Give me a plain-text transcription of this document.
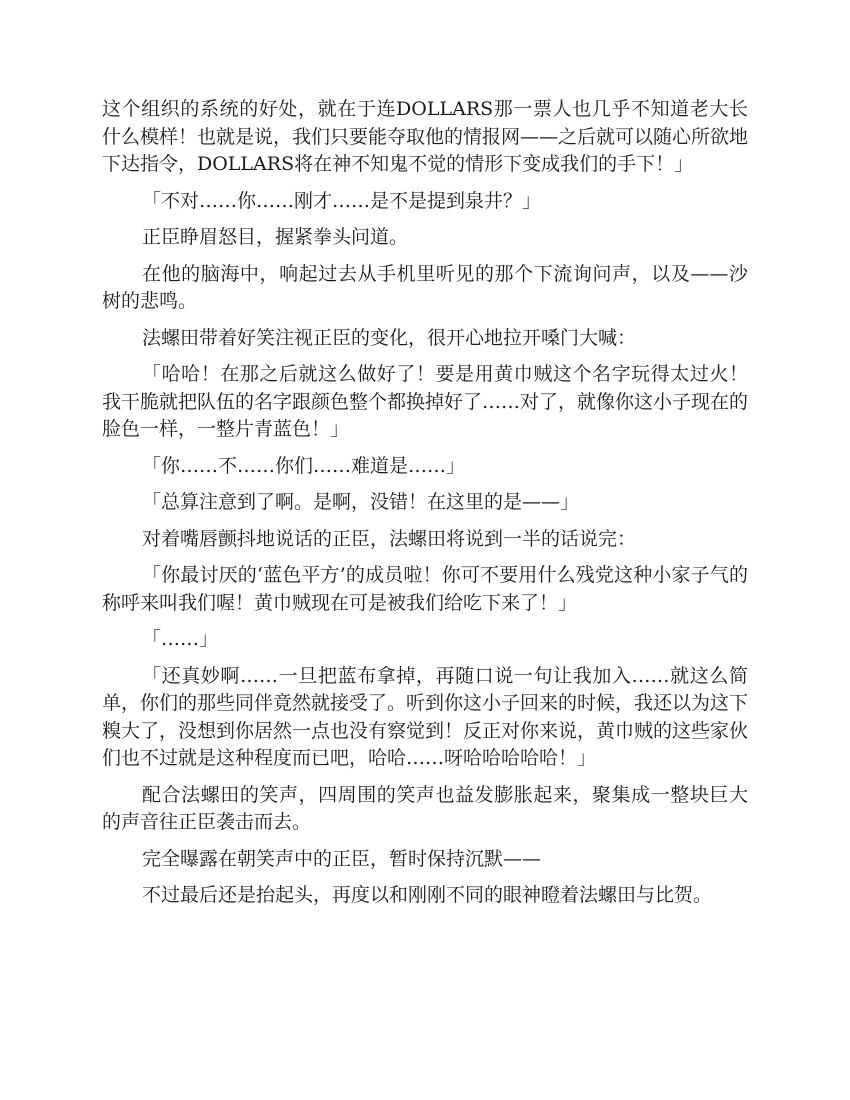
这个组织的系统的好处，就在于连DOLLARS那一票人也几乎不知道老大长什么模样！也就是说，我们只要能夺取他的情报网——之后就可以随心所欲地下达指令，DOLLARS将在神不知鬼不觉的情形下变成我们的手下！」

「不对……你……刚才……是不是提到泉井？」

正臣睁眉怒目，握紧拳头问道。

在他的脑海中，响起过去从手机里听见的那个下流询问声，以及——沙树的悲鸣。

法螺田带着好笑注视正臣的变化，很开心地拉开嗓门大喊：

「哈哈！在那之后就这么做好了！要是用黄巾贼这个名字玩得太过火！我干脆就把队伍的名字跟颜色整个都换掉好了……对了，就像你这小子现在的脸色一样，一整片青蓝色！」

「你……不……你们……难道是……」

「总算注意到了啊。是啊，没错！在这里的是——」

对着嘴唇颤抖地说话的正臣，法螺田将说到一半的话说完：

「你最讨厌的‘蓝色平方’的成员啦！你可不要用什么残党这种小家子气的称呼来叫我们喔！黄巾贼现在可是被我们给吃下来了！」

「……」

「还真妙啊……一旦把蓝布拿掉，再随口说一句让我加入……就这么简单，你们的那些同伴竟然就接受了。听到你这小子回来的时候，我还以为这下糗大了，没想到你居然一点也没有察觉到！反正对你来说，黄巾贼的这些家伙们也不过就是这种程度而已吧，哈哈……呀哈哈哈哈哈！」

配合法螺田的笑声，四周围的笑声也益发膨胀起来，聚集成一整块巨大的声音往正臣袭击而去。

完全曝露在朝笑声中的正臣，暂时保持沉默——

不过最后还是抬起头，再度以和刚刚不同的眼神瞪着法螺田与比贺。
